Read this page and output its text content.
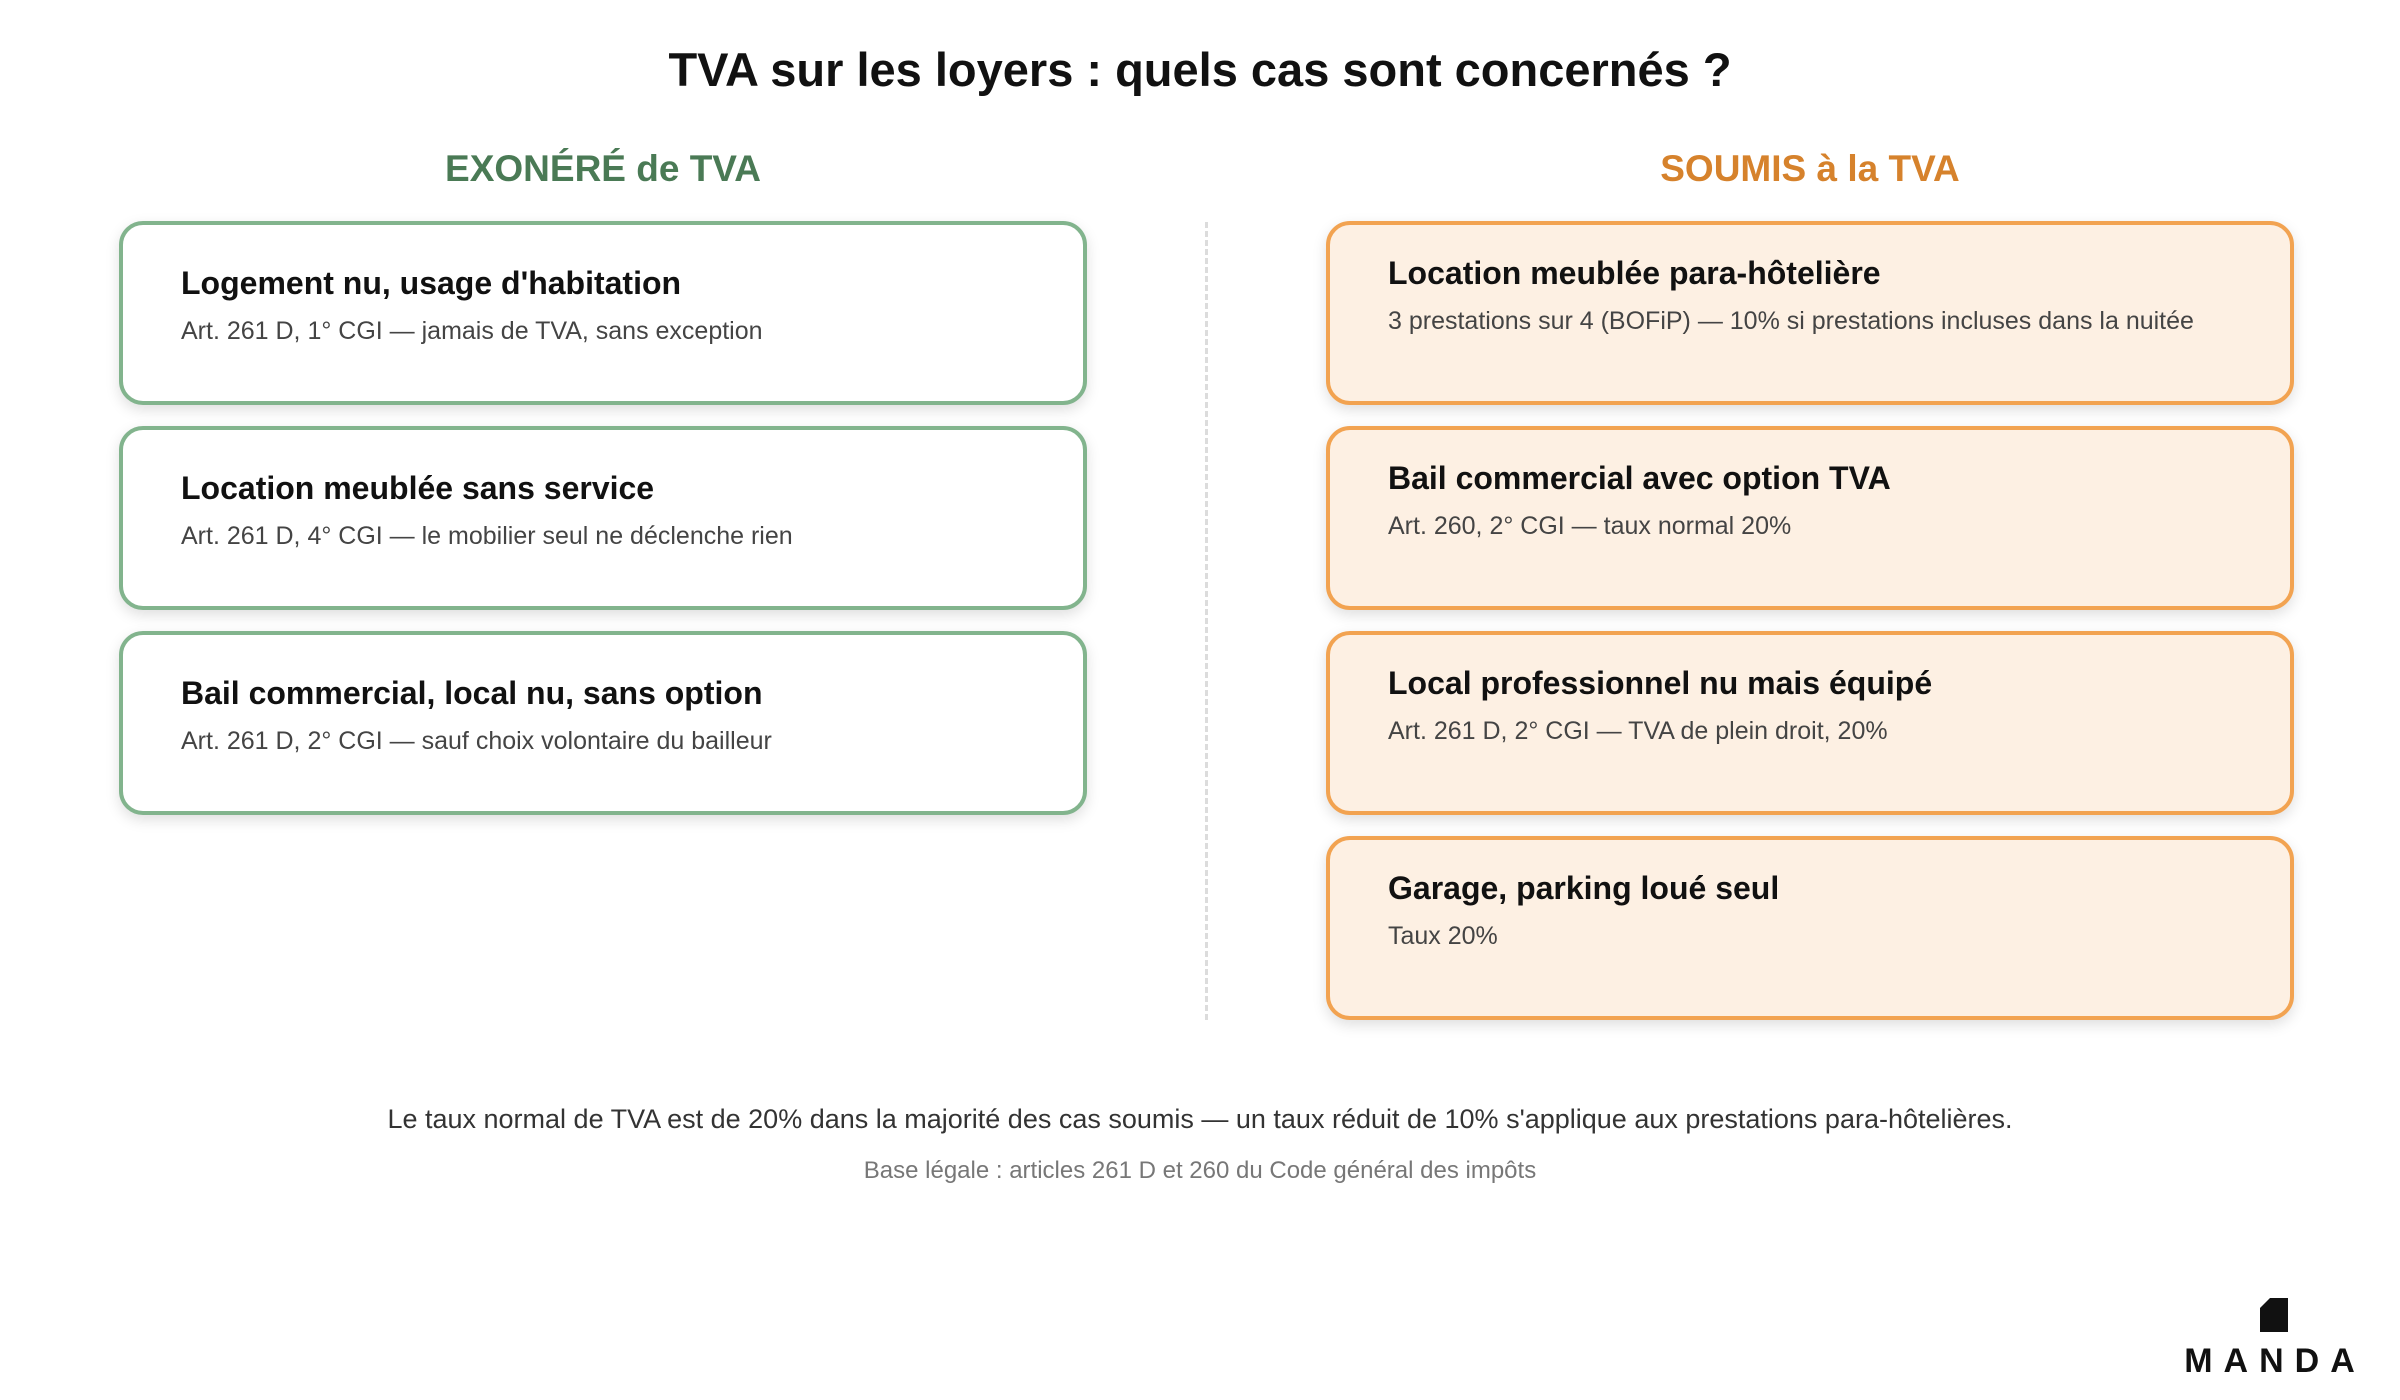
TVA sur les loyers : quels cas sont concernés ?
EXONÉRÉ de TVA	SOUMIS à la TVA
Logement nu, usage d'habitation
Art. 261 D, 1° CGI — jamais de TVA, sans exception
Location meublée sans service
Art. 261 D, 4° CGI — le mobilier seul ne déclenche rien
Bail commercial, local nu, sans option
Art. 261 D, 2° CGI — sauf choix volontaire du bailleur
Location meublée para-hôtelière
3 prestations sur 4 (BOFiP) — 10% si prestations incluses dans la nuitée
Bail commercial avec option TVA
Art. 260, 2° CGI — taux normal 20%
Local professionnel nu mais équipé
Art. 261 D, 2° CGI — TVA de plein droit, 20%
Garage, parking loué seul
Taux 20%
Le taux normal de TVA est de 20% dans la majorité des cas soumis — un taux réduit de 10% s'applique aux prestations para-hôtelières.
Base légale : articles 261 D et 260 du Code général des impôts
MANDA
